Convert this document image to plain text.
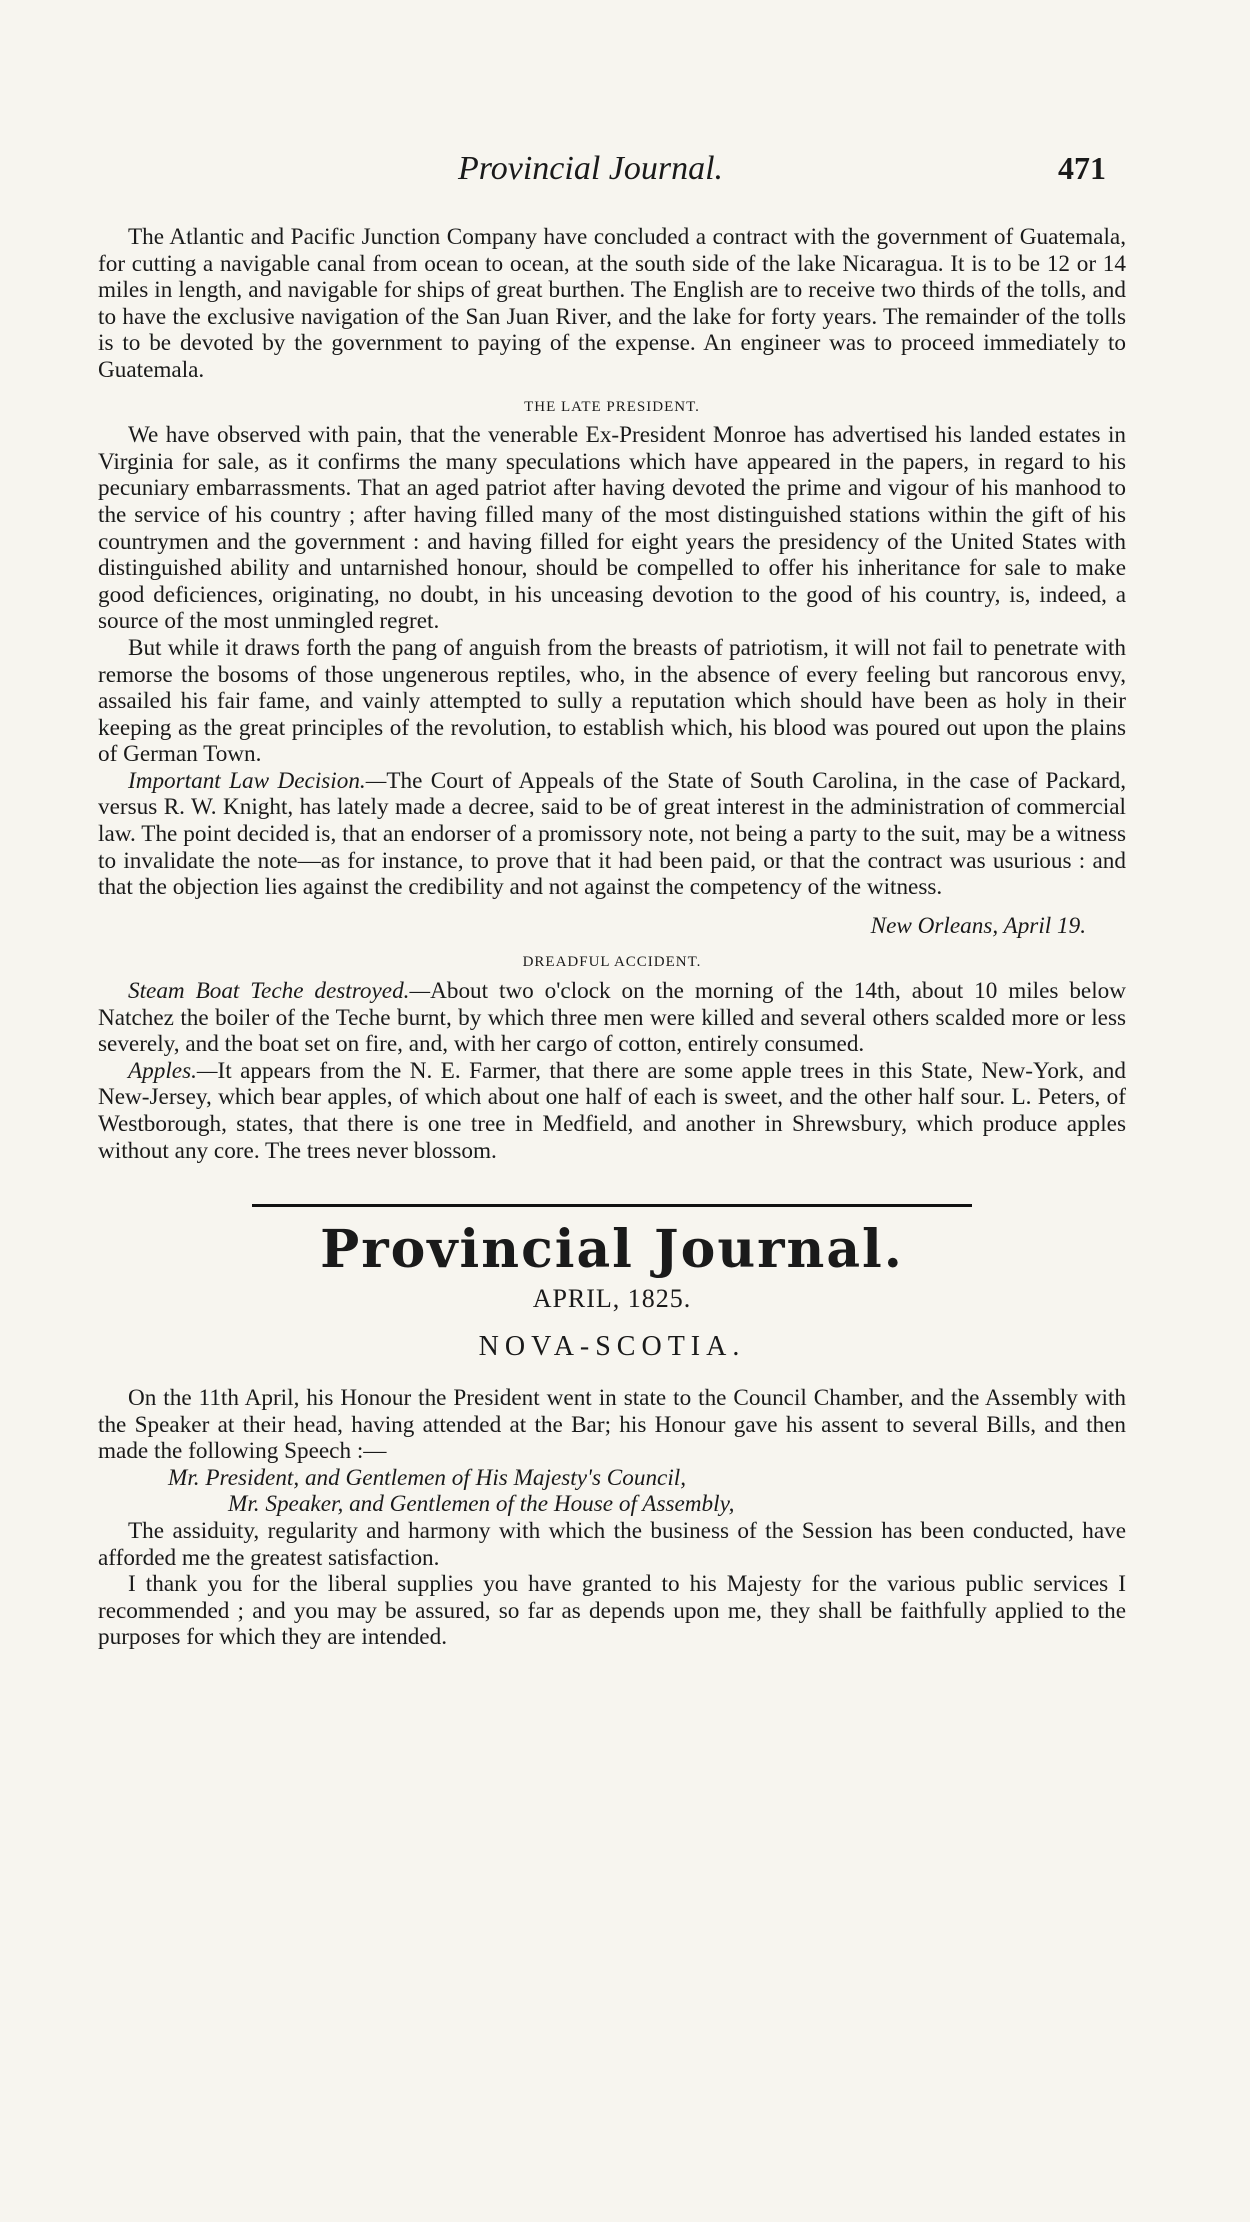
Provincial Journal.	471

The Atlantic and Pacific Junction Company have concluded a contract with the government of Guatemala, for cutting a navigable canal from ocean to ocean, at the south side of the lake Nicaragua. It is to be 12 or 14 miles in length, and navigable for ships of great burthen. The English are to receive two thirds of the tolls, and to have the exclusive navigation of the San Juan River, and the lake for forty years. The remainder of the tolls is to be devoted by the government to paying of the expense. An engineer was to proceed immediately to Guatemala.

THE LATE PRESIDENT.

We have observed with pain, that the venerable Ex-President Monroe has advertised his landed estates in Virginia for sale, as it confirms the many speculations which have appeared in the papers, in regard to his pecuniary embarrassments. That an aged patriot after having devoted the prime and vigour of his manhood to the service of his country ; after having filled many of the most distinguished stations within the gift of his countrymen and the government : and having filled for eight years the presidency of the United States with distinguished ability and untarnished honour, should be compelled to offer his inheritance for sale to make good deficiences, originating, no doubt, in his unceasing devotion to the good of his country, is, indeed, a source of the most unmingled regret.

But while it draws forth the pang of anguish from the breasts of patriotism, it will not fail to penetrate with remorse the bosoms of those ungenerous reptiles, who, in the absence of every feeling but rancorous envy, assailed his fair fame, and vainly attempted to sully a reputation which should have been as holy in their keeping as the great principles of the revolution, to establish which, his blood was poured out upon the plains of German Town.

Important Law Decision.—The Court of Appeals of the State of South Carolina, in the case of Packard, versus R. W. Knight, has lately made a decree, said to be of great interest in the administration of commercial law. The point decided is, that an endorser of a promissory note, not being a party to the suit, may be a witness to invalidate the note—as for instance, to prove that it had been paid, or that the contract was usurious : and that the objection lies against the credibility and not against the competency of the witness.

New Orleans, April 19.
DREADFUL ACCIDENT.

Steam Boat Teche destroyed.—About two o'clock on the morning of the 14th, about 10 miles below Natchez the boiler of the Teche burnt, by which three men were killed and several others scalded more or less severely, and the boat set on fire, and, with her cargo of cotton, entirely consumed.

Apples.—It appears from the N. E. Farmer, that there are some apple trees in this State, New-York, and New-Jersey, which bear apples, of which about one half of each is sweet, and the other half sour. L. Peters, of Westborough, states, that there is one tree in Medfield, and another in Shrewsbury, which produce apples without any core. The trees never blossom.

Provincial Journal.
APRIL, 1825.
NOVA-SCOTIA.

On the 11th April, his Honour the President went in state to the Council Chamber, and the Assembly with the Speaker at their head, having attended at the Bar; his Honour gave his assent to several Bills, and then made the following Speech :—

Mr. President, and Gentlemen of His Majesty's Council,

Mr. Speaker, and Gentlemen of the House of Assembly,

The assiduity, regularity and harmony with which the business of the Session has been conducted, have afforded me the greatest satisfaction.

I thank you for the liberal supplies you have granted to his Majesty for the various public services I recommended ; and you may be assured, so far as depends upon me, they shall be faithfully applied to the purposes for which they are intended.
